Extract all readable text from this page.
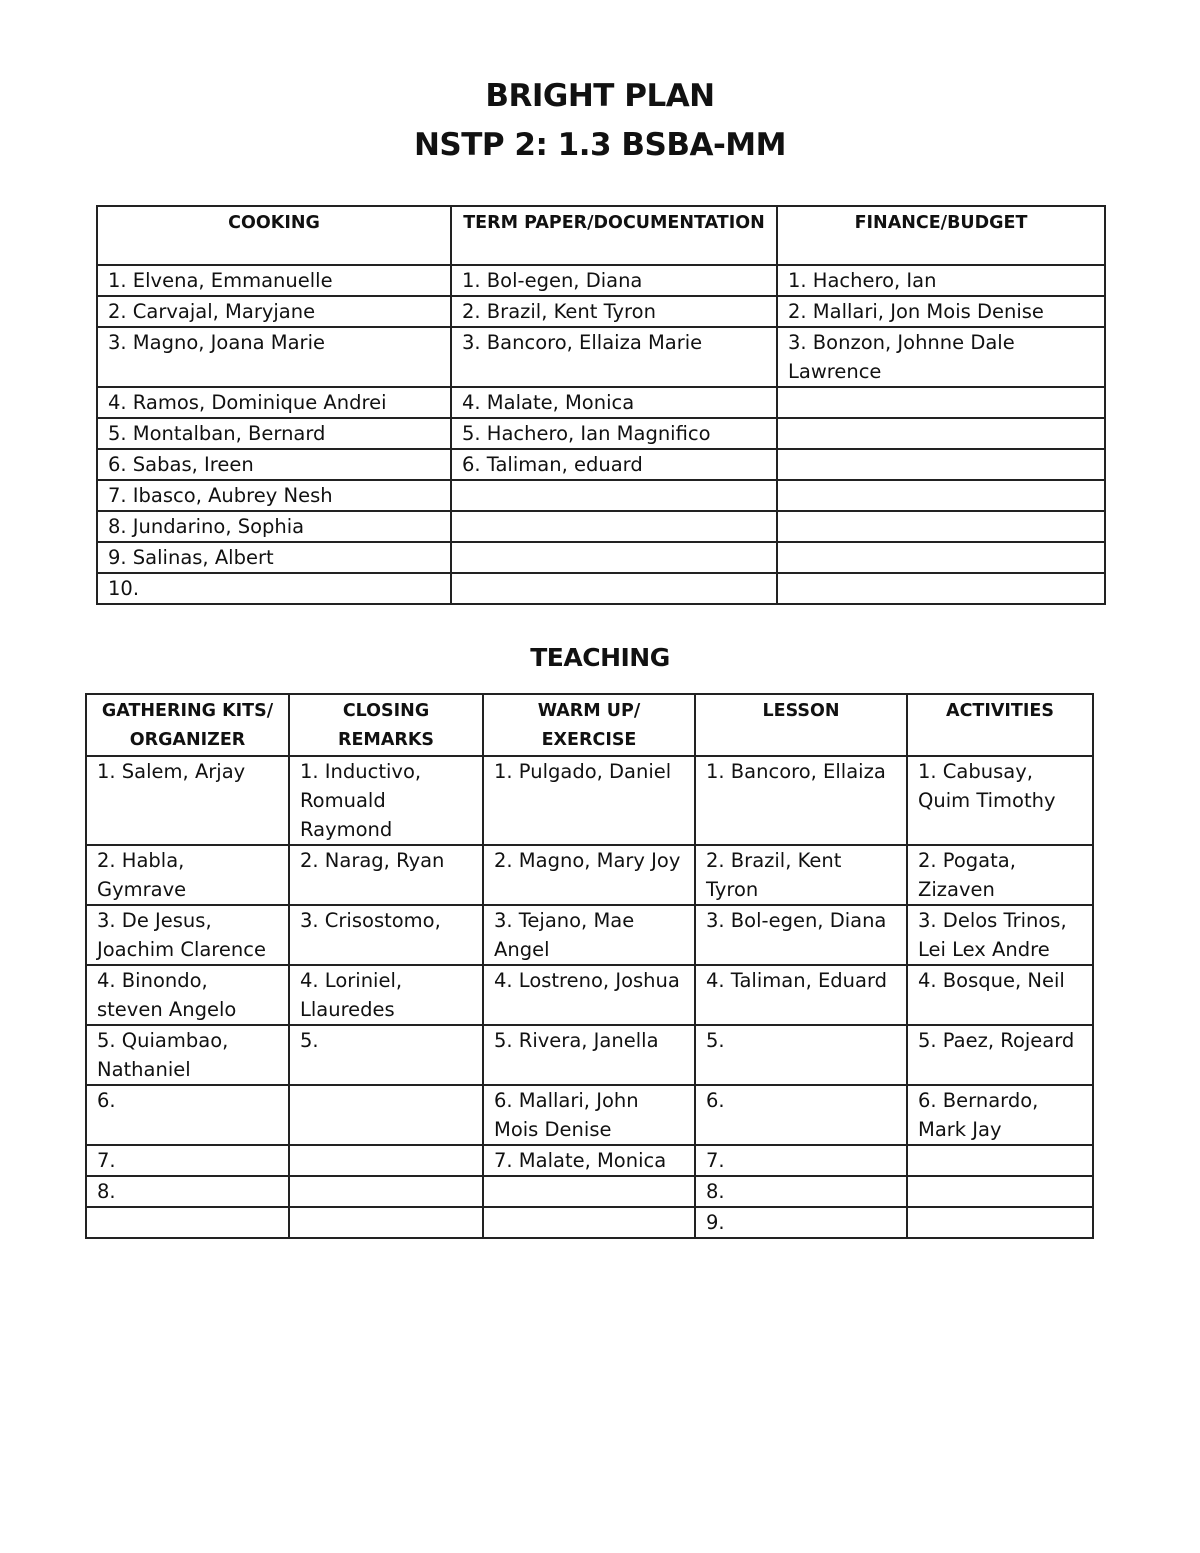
BRIGHT PLAN
NSTP 2: 1.3 BSBA-MM
COOKING	TERM PAPER/DOCUMENTATION	FINANCE/BUDGET
1. Elvena, Emmanuelle	1. Bol-egen, Diana	1. Hachero, Ian
2. Carvajal, Maryjane	2. Brazil, Kent Tyron	2. Mallari, Jon Mois Denise
3. Magno, Joana Marie	3. Bancoro, Ellaiza Marie	3. Bonzon, Johnne Dale Lawrence
4. Ramos, Dominique Andrei	4. Malate, Monica	
5. Montalban, Bernard	5. Hachero, Ian Magnifico	
6. Sabas, Ireen	6. Taliman, eduard	
7. Ibasco, Aubrey Nesh		
8. Jundarino, Sophia		
9. Salinas, Albert		
10.		
TEACHING
GATHERING KITS/ ORGANIZER	CLOSING REMARKS	WARM UP/ EXERCISE	LESSON	ACTIVITIES
1. Salem, Arjay	1. Inductivo, Romuald Raymond	1. Pulgado, Daniel	1. Bancoro, Ellaiza	1. Cabusay, Quim Timothy
2. Habla, Gymrave	2. Narag, Ryan	2. Magno, Mary Joy	2. Brazil, Kent Tyron	2. Pogata, Zizaven
3. De Jesus, Joachim Clarence	3. Crisostomo,	3. Tejano, Mae Angel	3. Bol-egen, Diana	3. Delos Trinos, Lei Lex Andre
4. Binondo, steven Angelo	4. Loriniel, Llauredes	4. Lostreno, Joshua	4. Taliman, Eduard	4. Bosque, Neil
5. Quiambao, Nathaniel	5.	5. Rivera, Janella	5.	5. Paez, Rojeard
6.		6. Mallari, John Mois Denise	6.	6. Bernardo, Mark Jay
7.		7. Malate, Monica	7.	
8.			8.	
			9.	
